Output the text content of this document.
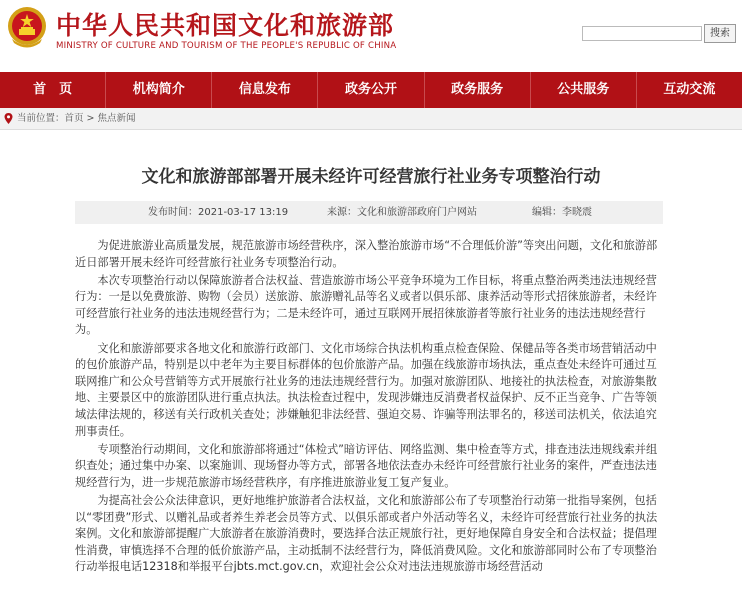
中华人民共和国文化和旅游部
MINISTRY OF CULTURE AND TOURISM OF THE PEOPLE'S REPUBLIC OF CHINA
搜索
首　页	机构简介	信息发布	政务公开	政务服务	公共服务	互动交流
当前位置：首页 > 焦点新闻
文化和旅游部部署开展未经许可经营旅行社业务专项整治行动
发布时间：2021-03-17 13:19	来源：文化和旅游部政府门户网站	编辑：李晓震

为促进旅游业高质量发展，规范旅游市场经营秩序，深入整治旅游市场“不合理低价游”等突出问题，文化和旅游部近日部署开展未经许可经营旅行社业务专项整治行动。

本次专项整治行动以保障旅游者合法权益、营造旅游市场公平竞争环境为工作目标，将重点整治两类违法违规经营行为：一是以免费旅游、购物（会员）送旅游、旅游赠礼品等名义或者以俱乐部、康养活动等形式招徕旅游者，未经许可经营旅行社业务的违法违规经营行为；二是未经许可，通过互联网开展招徕旅游者等旅行社业务的违法违规经营行为。

文化和旅游部要求各地文化和旅游行政部门、文化市场综合执法机构重点检查保险、保健品等各类市场营销活动中的包价旅游产品，特别是以中老年为主要目标群体的包价旅游产品。加强在线旅游市场执法，重点查处未经许可通过互联网推广和公众号营销等方式开展旅行社业务的违法违规经营行为。加强对旅游团队、地接社的执法检查，对旅游集散地、主要景区中的旅游团队进行重点执法。执法检查过程中，发现涉嫌违反消费者权益保护、反不正当竞争、广告等领域法律法规的，移送有关行政机关查处；涉嫌触犯非法经营、强迫交易、诈骗等刑法罪名的，移送司法机关，依法追究刑事责任。

专项整治行动期间，文化和旅游部将通过“体检式”暗访评估、网络监测、集中检查等方式，排查违法违规线索并组织查处；通过集中办案、以案施训、现场督办等方式，部署各地依法查办未经许可经营旅行社业务的案件，严查违法违规经营行为，进一步规范旅游市场经营秩序，有序推进旅游业复工复产复业。

为提高社会公众法律意识，更好地维护旅游者合法权益，文化和旅游部公布了专项整治行动第一批指导案例，包括以“零团费”形式、以赠礼品或者养生养老会员等方式、以俱乐部或者户外活动等名义，未经许可经营旅行社业务的执法案例。文化和旅游部提醒广大旅游者在旅游消费时，要选择合法正规旅行社，更好地保障自身安全和合法权益；提倡理性消费，审慎选择不合理的低价旅游产品，主动抵制不法经营行为，降低消费风险。文化和旅游部同时公布了专项整治行动举报电话12318和举报平台jbts.mct.gov.cn，欢迎社会公众对违法违规旅游市场经营活动
